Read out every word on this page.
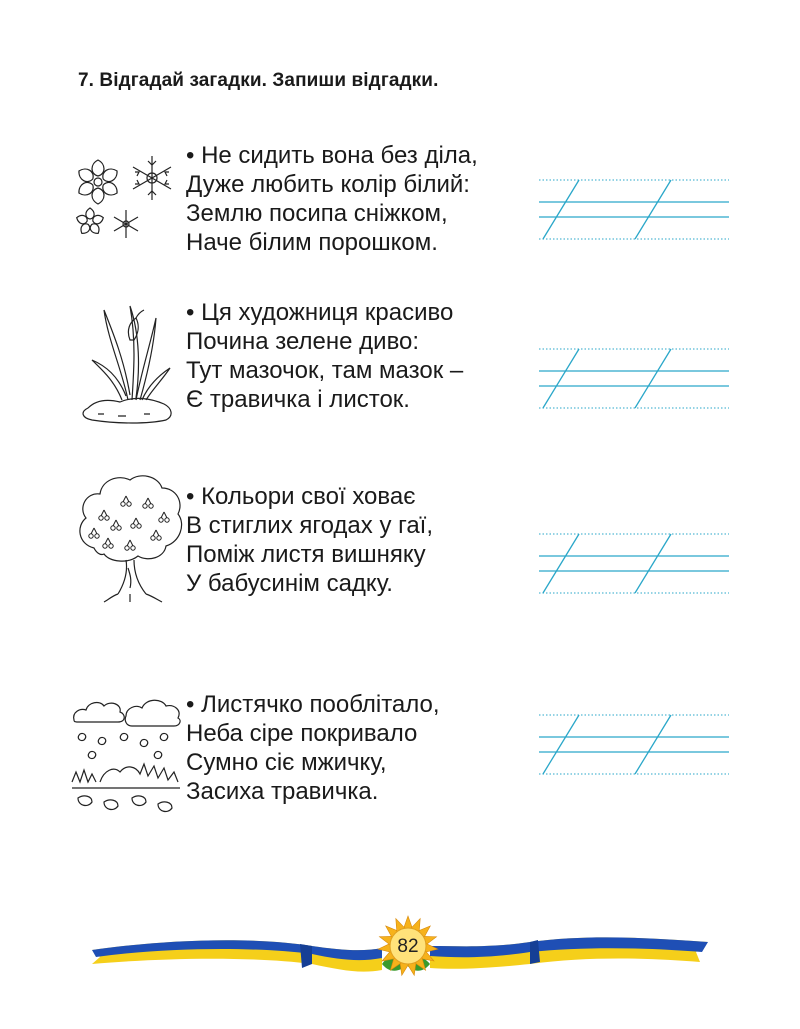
7. Відгадай загадки. Запиши відгадки.
• Не сидить вона без діла,
Дуже любить колір білий:
Землю посипа сніжком,
Наче білим порошком.
• Ця художниця красиво
Почина зелене диво:
Тут мазочок, там мазок –
Є травичка і листок.
• Кольори свої ховає
В стиглих ягодах у гаї,
Поміж листя вишняку
У бабусинім садку.
• Листячко пооблітало,
Неба сіре покривало
Сумно сіє мжичку,
Засиха травичка.
82
